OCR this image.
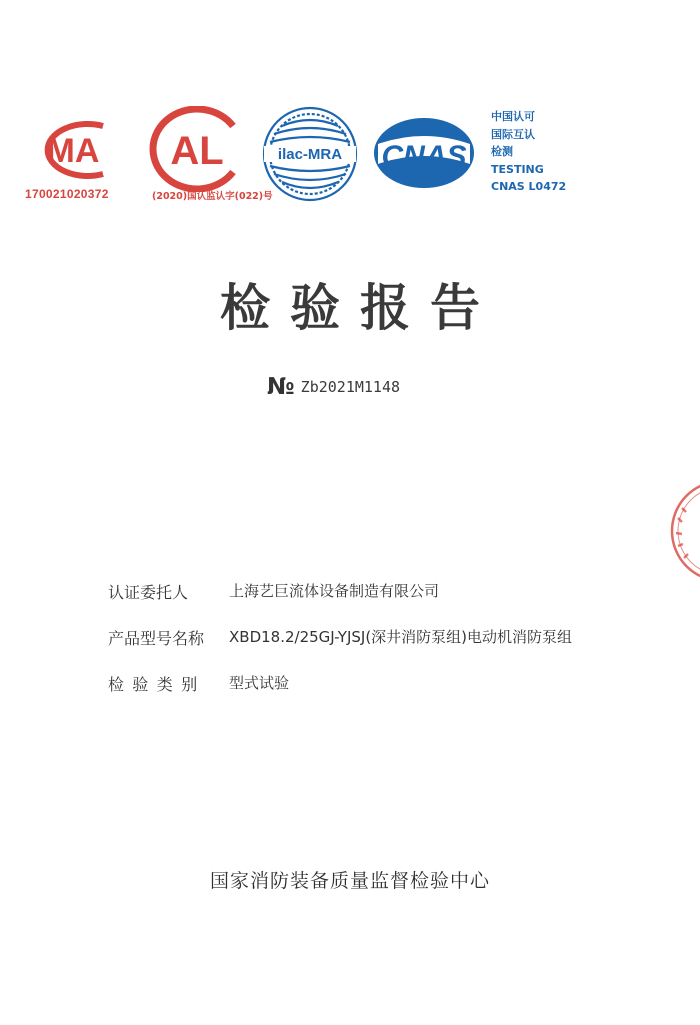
MA
170021020372
AL
(2020)国认监认字(022)号
ilac-MRA CNAS
中国认可
国际互认
检测
TESTING
CNAS L0472
检验报告
№ Zb2021M1148
认证委托人	上海艺巨流体设备制造有限公司
产品型号名称 XBD18.2/25GJ-YJSJ(深井消防泵组)电动机消防泵组
检验类别 型式试验
国家消防装备质量监督检验中心
